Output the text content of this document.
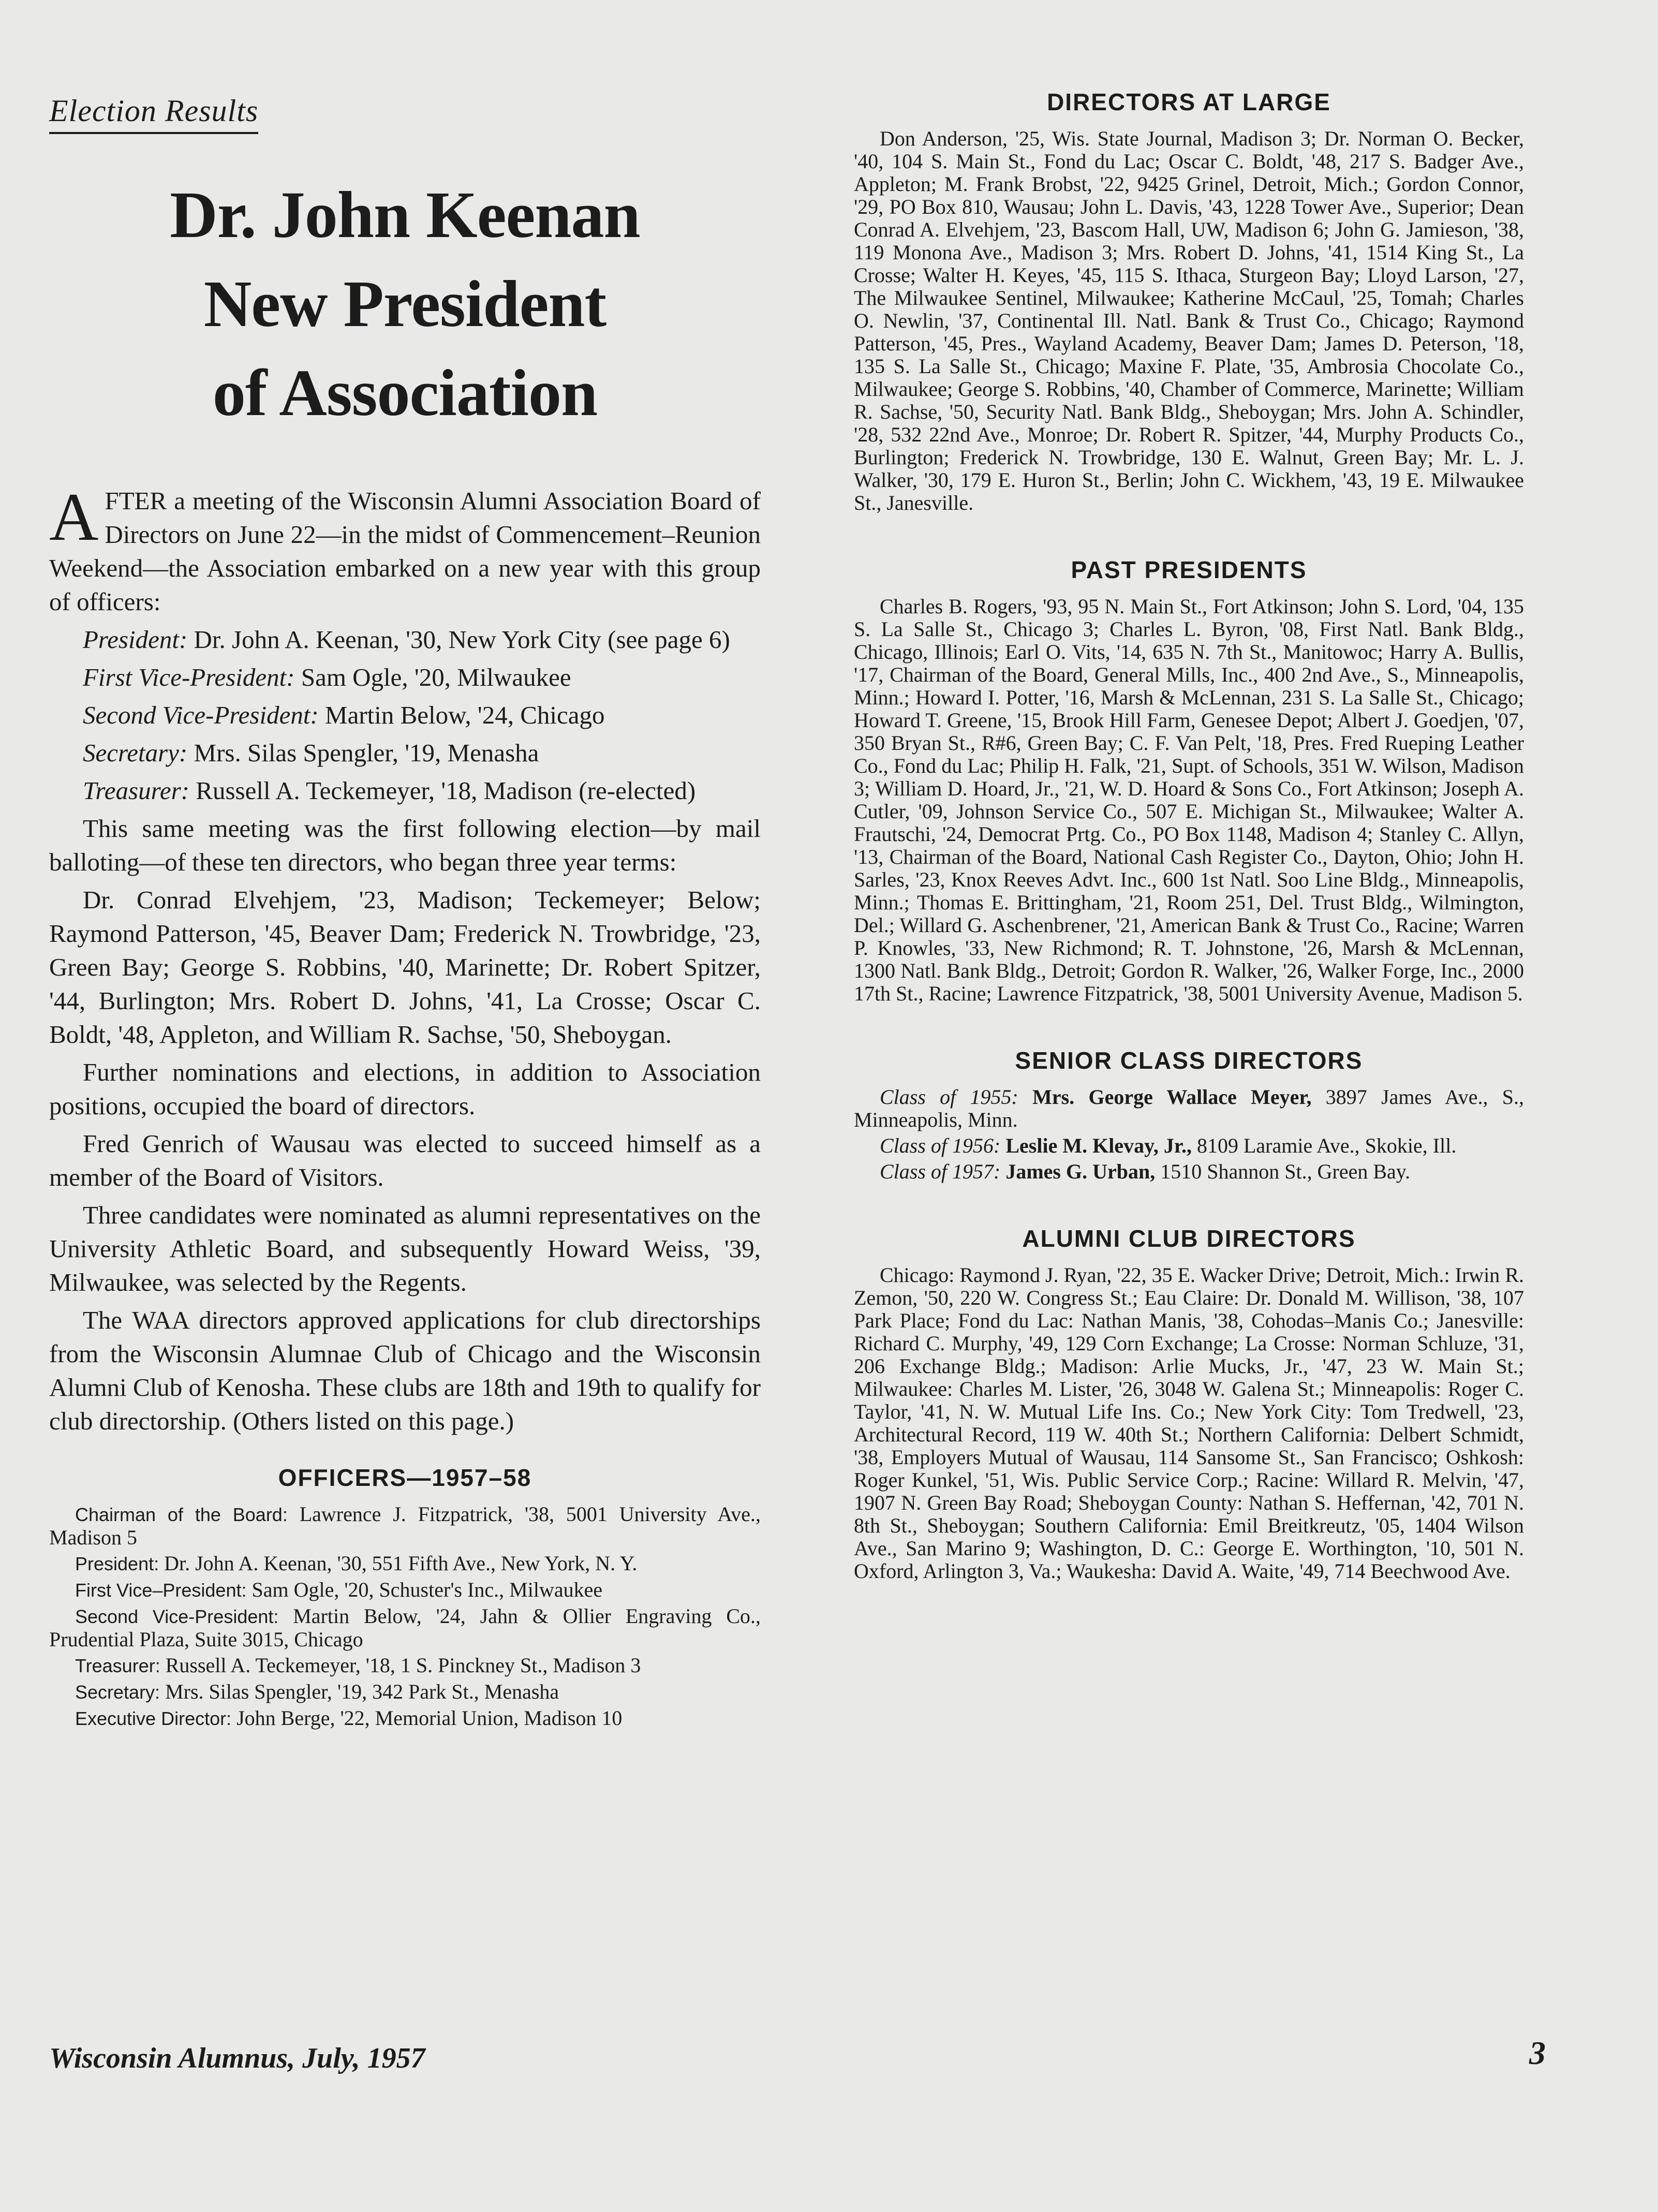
Election Results
Dr. John Keenan
New President
of Association

AFTER a meeting of the Wisconsin Alumni Association Board of Directors on June 22—in the midst of Commencement–Reunion Weekend—the Association embarked on a new year with this group of officers:

President: Dr. John A. Keenan, '30, New York City (see page 6)

First Vice-President: Sam Ogle, '20, Milwaukee

Second Vice-President: Martin Below, '24, Chicago

Secretary: Mrs. Silas Spengler, '19, Menasha

Treasurer: Russell A. Teckemeyer, '18, Madison (re-elected)

This same meeting was the first following election—by mail balloting—of these ten directors, who began three year terms:

Dr. Conrad Elvehjem, '23, Madison; Teckemeyer; Below; Raymond Patterson, '45, Beaver Dam; Frederick N. Trowbridge, '23, Green Bay; George S. Robbins, '40, Marinette; Dr. Robert Spitzer, '44, Burlington; Mrs. Robert D. Johns, '41, La Crosse; Oscar C. Boldt, '48, Appleton, and William R. Sachse, '50, Sheboygan.

Further nominations and elections, in addition to Association positions, occupied the board of directors.

Fred Genrich of Wausau was elected to succeed himself as a member of the Board of Visitors.

Three candidates were nominated as alumni representatives on the University Athletic Board, and subsequently Howard Weiss, '39, Milwaukee, was selected by the Regents.

The WAA directors approved applications for club directorships from the Wisconsin Alumnae Club of Chicago and the Wisconsin Alumni Club of Kenosha. These clubs are 18th and 19th to qualify for club directorship. (Others listed on this page.)

OFFICERS—1957–58

Chairman of the Board: Lawrence J. Fitzpatrick, '38, 5001 University Ave., Madison 5

President: Dr. John A. Keenan, '30, 551 Fifth Ave., New York, N. Y.

First Vice–President: Sam Ogle, '20, Schuster's Inc., Milwaukee

Second Vice-President: Martin Below, '24, Jahn & Ollier Engraving Co., Prudential Plaza, Suite 3015, Chicago

Treasurer: Russell A. Teckemeyer, '18, 1 S. Pinckney St., Madison 3

Secretary: Mrs. Silas Spengler, '19, 342 Park St., Menasha

Executive Director: John Berge, '22, Memorial Union, Madison 10

DIRECTORS AT LARGE

Don Anderson, '25, Wis. State Journal, Madison 3; Dr. Norman O. Becker, '40, 104 S. Main St., Fond du Lac; Oscar C. Boldt, '48, 217 S. Badger Ave., Appleton; M. Frank Brobst, '22, 9425 Grinel, Detroit, Mich.; Gordon Connor, '29, PO Box 810, Wausau; John L. Davis, '43, 1228 Tower Ave., Superior; Dean Conrad A. Elvehjem, '23, Bascom Hall, UW, Madison 6; John G. Jamieson, '38, 119 Monona Ave., Madison 3; Mrs. Robert D. Johns, '41, 1514 King St., La Crosse; Walter H. Keyes, '45, 115 S. Ithaca, Sturgeon Bay; Lloyd Larson, '27, The Milwaukee Sentinel, Milwaukee; Katherine McCaul, '25, Tomah; Charles O. Newlin, '37, Continental Ill. Natl. Bank & Trust Co., Chicago; Raymond Patterson, '45, Pres., Wayland Academy, Beaver Dam; James D. Peterson, '18, 135 S. La Salle St., Chicago; Maxine F. Plate, '35, Ambrosia Chocolate Co., Milwaukee; George S. Robbins, '40, Chamber of Commerce, Marinette; William R. Sachse, '50, Security Natl. Bank Bldg., Sheboygan; Mrs. John A. Schindler, '28, 532 22nd Ave., Monroe; Dr. Robert R. Spitzer, '44, Murphy Products Co., Burlington; Frederick N. Trowbridge, 130 E. Walnut, Green Bay; Mr. L. J. Walker, '30, 179 E. Huron St., Berlin; John C. Wickhem, '43, 19 E. Milwaukee St., Janesville.

PAST PRESIDENTS

Charles B. Rogers, '93, 95 N. Main St., Fort Atkinson; John S. Lord, '04, 135 S. La Salle St., Chicago 3; Charles L. Byron, '08, First Natl. Bank Bldg., Chicago, Illinois; Earl O. Vits, '14, 635 N. 7th St., Manitowoc; Harry A. Bullis, '17, Chairman of the Board, General Mills, Inc., 400 2nd Ave., S., Minneapolis, Minn.; Howard I. Potter, '16, Marsh & McLennan, 231 S. La Salle St., Chicago; Howard T. Greene, '15, Brook Hill Farm, Genesee Depot; Albert J. Goedjen, '07, 350 Bryan St., R#6, Green Bay; C. F. Van Pelt, '18, Pres. Fred Rueping Leather Co., Fond du Lac; Philip H. Falk, '21, Supt. of Schools, 351 W. Wilson, Madison 3; William D. Hoard, Jr., '21, W. D. Hoard & Sons Co., Fort Atkinson; Joseph A. Cutler, '09, Johnson Service Co., 507 E. Michigan St., Milwaukee; Walter A. Frautschi, '24, Democrat Prtg. Co., PO Box 1148, Madison 4; Stanley C. Allyn, '13, Chairman of the Board, National Cash Register Co., Dayton, Ohio; John H. Sarles, '23, Knox Reeves Advt. Inc., 600 1st Natl. Soo Line Bldg., Minneapolis, Minn.; Thomas E. Brittingham, '21, Room 251, Del. Trust Bldg., Wilmington, Del.; Willard G. Aschenbrener, '21, American Bank & Trust Co., Racine; Warren P. Knowles, '33, New Richmond; R. T. Johnstone, '26, Marsh & McLennan, 1300 Natl. Bank Bldg., Detroit; Gordon R. Walker, '26, Walker Forge, Inc., 2000 17th St., Racine; Lawrence Fitzpatrick, '38, 5001 University Avenue, Madison 5.

SENIOR CLASS DIRECTORS

Class of 1955: Mrs. George Wallace Meyer, 3897 James Ave., S., Minneapolis, Minn.

Class of 1956: Leslie M. Klevay, Jr., 8109 Laramie Ave., Skokie, Ill.

Class of 1957: James G. Urban, 1510 Shannon St., Green Bay.

ALUMNI CLUB DIRECTORS

Chicago: Raymond J. Ryan, '22, 35 E. Wacker Drive; Detroit, Mich.: Irwin R. Zemon, '50, 220 W. Congress St.; Eau Claire: Dr. Donald M. Willison, '38, 107 Park Place; Fond du Lac: Nathan Manis, '38, Cohodas–Manis Co.; Janesville: Richard C. Murphy, '49, 129 Corn Exchange; La Crosse: Norman Schluze, '31, 206 Exchange Bldg.; Madison: Arlie Mucks, Jr., '47, 23 W. Main St.; Milwaukee: Charles M. Lister, '26, 3048 W. Galena St.; Minneapolis: Roger C. Taylor, '41, N. W. Mutual Life Ins. Co.; New York City: Tom Tredwell, '23, Architectural Record, 119 W. 40th St.; Northern California: Delbert Schmidt, '38, Employers Mutual of Wausau, 114 Sansome St., San Francisco; Oshkosh: Roger Kunkel, '51, Wis. Public Service Corp.; Racine: Willard R. Melvin, '47, 1907 N. Green Bay Road; Sheboygan County: Nathan S. Heffernan, '42, 701 N. 8th St., Sheboygan; Southern California: Emil Breitkreutz, '05, 1404 Wilson Ave., San Marino 9; Washington, D. C.: George E. Worthington, '10, 501 N. Oxford, Arlington 3, Va.; Waukesha: David A. Waite, '49, 714 Beechwood Ave.

Wisconsin Alumnus, July, 1957	3
